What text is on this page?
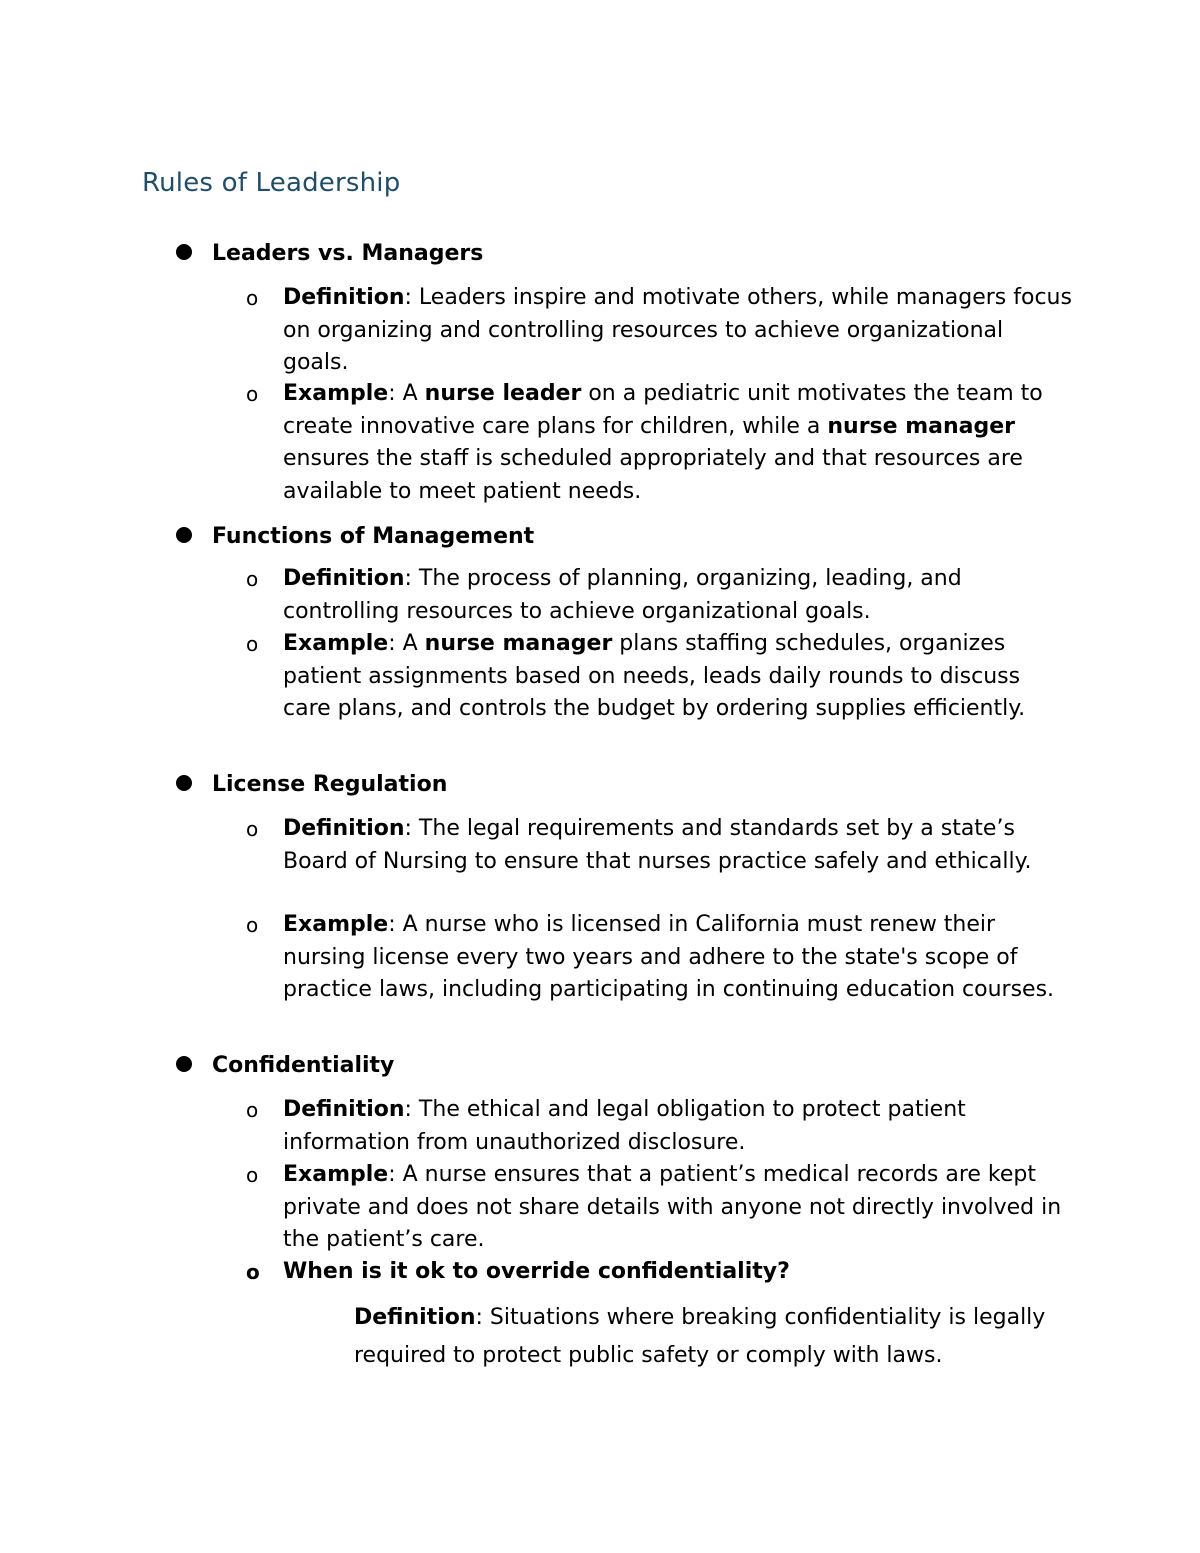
Rules of Leadership
Leaders vs. Managers
o Definition: Leaders inspire and motivate others, while managers focus on organizing and controlling resources to achieve organizational goals.
o Example: A nurse leader on a pediatric unit motivates the team to create innovative care plans for children, while a nurse manager ensures the staff is scheduled appropriately and that resources are available to meet patient needs.
Functions of Management
o Definition: The process of planning, organizing, leading, and controlling resources to achieve organizational goals.
o Example: A nurse manager plans staffing schedules, organizes patient assignments based on needs, leads daily rounds to discuss care plans, and controls the budget by ordering supplies efficiently.
License Regulation
o Definition: The legal requirements and standards set by a state’s Board of Nursing to ensure that nurses practice safely and ethically.
o Example: A nurse who is licensed in California must renew their nursing license every two years and adhere to the state's scope of practice laws, including participating in continuing education courses.
Confidentiality
o Definition: The ethical and legal obligation to protect patient information from unauthorized disclosure.
o Example: A nurse ensures that a patient’s medical records are kept private and does not share details with anyone not directly involved in the patient’s care.
o When is it ok to override confidentiality?
Definition: Situations where breaking confidentiality is legally required to protect public safety or comply with laws.
